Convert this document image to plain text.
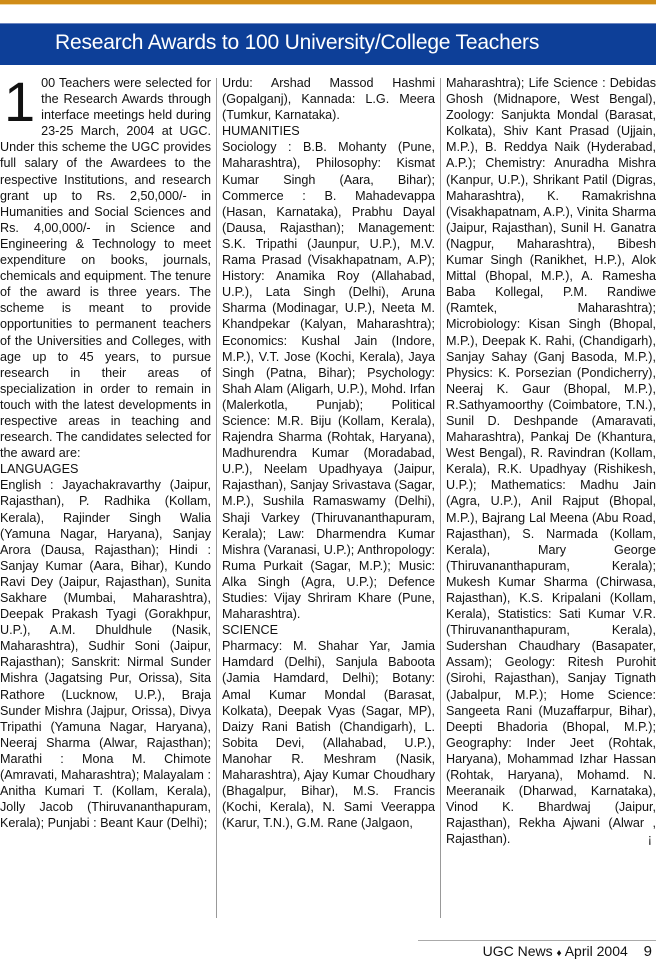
Research Awards to 100 University/College Teachers

1 00 Teachers were selected for the Research Awards through interface meetings held during 23-25 March, 2004 at UGC. Under this scheme the UGC provides full salary of the Awardees to the respective Institutions, and research grant up to Rs. 2,50,000/- in Humanities and Social Sciences and Rs. 4,00,000/- in Science and Engineering & Technology to meet expenditure on books, journals, chemicals and equipment. The tenure of the award is three years. The scheme is meant to provide opportunities to permanent teachers of the Universities and Colleges, with age up to 45 years, to pursue research in their areas of specialization in order to remain in touch with the latest developments in respective areas in teaching and research. The candidates selected for the award are:

LANGUAGES

English : Jayachakravarthy (Jaipur, Rajasthan), P. Radhika (Kollam, Kerala), Rajinder Singh Walia (Yamuna Nagar, Haryana), Sanjay Arora (Dausa, Rajasthan); Hindi : Sanjay Kumar (Aara, Bihar), Kundo Ravi Dey (Jaipur, Rajasthan), Sunita Sakhare (Mumbai, Maharashtra), Deepak Prakash Tyagi (Gorakhpur, U.P.), A.M. Dhuldhule (Nasik, Maharashtra), Sudhir Soni (Jaipur, Rajasthan); Sanskrit: Nirmal Sunder Mishra (Jagatsing Pur, Orissa), Sita Rathore (Lucknow, U.P.), Braja Sunder Mishra (Jajpur, Orissa), Divya Tripathi (Yamuna Nagar, Haryana), Neeraj Sharma (Alwar, Rajasthan); Marathi : Mona M. Chimote (Amravati, Maharashtra); Malayalam : Anitha Kumari T. (Kollam, Kerala), Jolly Jacob (Thiruvananthapuram, Kerala); Punjabi : Beant Kaur (Delhi);

Urdu: Arshad Massod Hashmi (Gopalganj), Kannada: L.G. Meera (Tumkur, Karnataka).

HUMANITIES

Sociology : B.B. Mohanty (Pune, Maharashtra), Philosophy: Kismat Kumar Singh (Aara, Bihar); Commerce : B. Mahadevappa (Hasan, Karnataka), Prabhu Dayal (Dausa, Rajasthan); Management: S.K. Tripathi (Jaunpur, U.P.), M.V. Rama Prasad (Visakhapatnam, A.P); History: Anamika Roy (Allahabad, U.P.), Lata Singh (Delhi), Aruna Sharma (Modinagar, U.P.), Neeta M. Khandpekar (Kalyan, Maharashtra); Economics: Kushal Jain (Indore, M.P.), V.T. Jose (Kochi, Kerala), Jaya Singh (Patna, Bihar); Psychology: Shah Alam (Aligarh, U.P.), Mohd. Irfan (Malerkotla, Punjab); Political Science: M.R. Biju (Kollam, Kerala), Rajendra Sharma (Rohtak, Haryana), Madhurendra Kumar (Moradabad, U.P.), Neelam Upadhyaya (Jaipur, Rajasthan), Sanjay Srivastava (Sagar, M.P.), Sushila Ramaswamy (Delhi), Shaji Varkey (Thiruvananthapuram, Kerala); Law: Dharmendra Kumar Mishra (Varanasi, U.P.); Anthropology: Ruma Purkait (Sagar, M.P.); Music: Alka Singh (Agra, U.P.); Defence Studies: Vijay Shriram Khare (Pune, Maharashtra).

SCIENCE

Pharmacy: M. Shahar Yar, Jamia Hamdard (Delhi), Sanjula Baboota (Jamia Hamdard, Delhi); Botany: Amal Kumar Mondal (Barasat, Kolkata), Deepak Vyas (Sagar, MP), Daizy Rani Batish (Chandigarh), L. Sobita Devi, (Allahabad, U.P.), Manohar R. Meshram (Nasik, Maharashtra), Ajay Kumar Choudhary (Bhagalpur, Bihar), M.S. Francis (Kochi, Kerala), N. Sami Veerappa (Karur, T.N.), G.M. Rane (Jalgaon,

Maharashtra); Life Science : Debidas Ghosh (Midnapore, West Bengal), Zoology: Sanjukta Mondal (Barasat, Kolkata), Shiv Kant Prasad (Ujjain, M.P.), B. Reddya Naik (Hyderabad, A.P.); Chemistry: Anuradha Mishra (Kanpur, U.P.), Shrikant Patil (Digras, Maharashtra), K. Ramakrishna (Visakhapatnam, A.P.), Vinita Sharma (Jaipur, Rajasthan), Sunil H. Ganatra (Nagpur, Maharashtra), Bibesh Kumar Singh (Ranikhet, H.P.), Alok Mittal (Bhopal, M.P.), A. Ramesha Baba Kollegal, P.M. Randiwe (Ramtek, Maharashtra); Microbiology: Kisan Singh (Bhopal, M.P.), Deepak K. Rahi, (Chandigarh), Sanjay Sahay (Ganj Basoda, M.P.), Physics: K. Porsezian (Pondicherry), Neeraj K. Gaur (Bhopal, M.P.), R.Sathyamoorthy (Coimbatore, T.N.), Sunil D. Deshpande (Amaravati, Maharashtra), Pankaj De (Khantura, West Bengal), R. Ravindran (Kollam, Kerala), R.K. Upadhyay (Rishikesh, U.P.); Mathematics: Madhu Jain (Agra, U.P.), Anil Rajput (Bhopal, M.P.), Bajrang Lal Meena (Abu Road, Rajasthan), S. Narmada (Kollam, Kerala), Mary George (Thiruvananthapuram, Kerala); Mukesh Kumar Sharma (Chirwasa, Rajasthan), K.S. Kripalani (Kollam, Kerala), Statistics: Sati Kumar V.R. (Thiruvananthapuram, Kerala), Sudershan Chaudhary (Basapater, Assam); Geology: Ritesh Purohit (Sirohi, Rajasthan), Sanjay Tignath (Jabalpur, M.P.); Home Science: Sangeeta Rani (Muzaffarpur, Bihar), Deepti Bhadoria (Bhopal, M.P.); Geography: Inder Jeet (Rohtak, Haryana), Mohammad Izhar Hassan (Rohtak, Haryana), Mohamd. N. Meeranaik (Dharwad, Karnataka), Vinod K. Bhardwaj (Jaipur, Rajasthan), Rekha Ajwani (Alwar , Rajasthan).	¡

UGC News ♦ April 2004 9
